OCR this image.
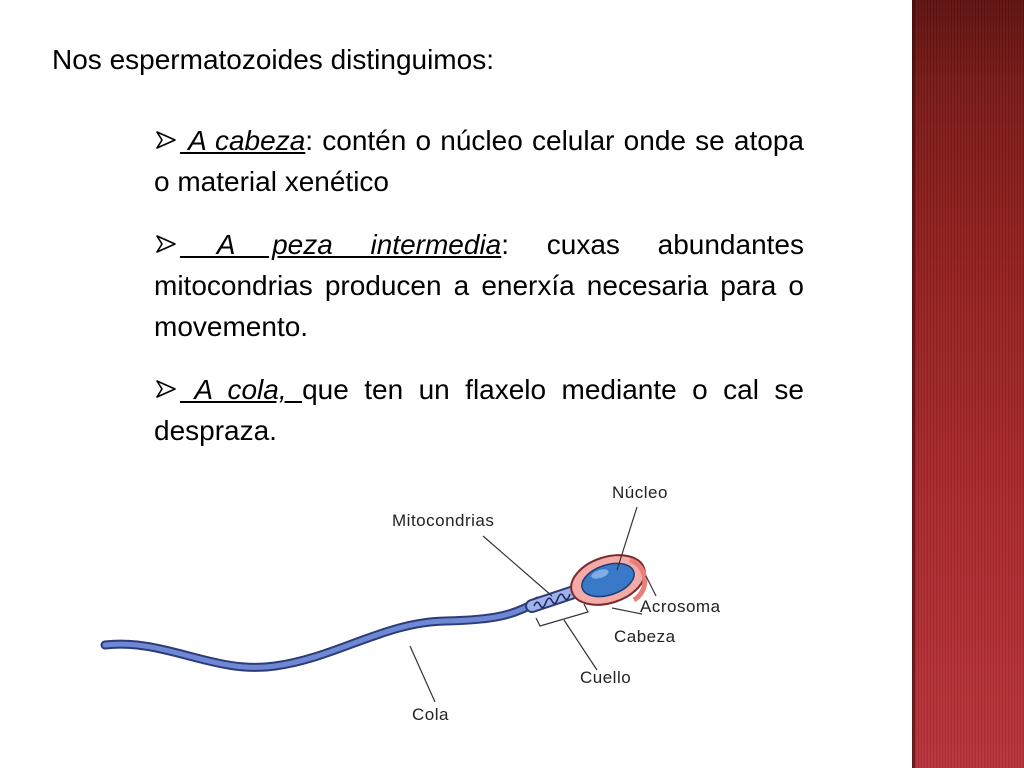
Nos espermatozoides distinguimos:

A cabeza: contén o núcleo celular onde se atopa o material xenético

A peza intermedia: cuxas abundantes mitocondrias producen a enerxía necesaria para o movemento.

A cola, que ten un flaxelo mediante o cal se despraza.

Núcleo
Mitocondrias
Acrosoma
Cabeza
Cuello
Cola
